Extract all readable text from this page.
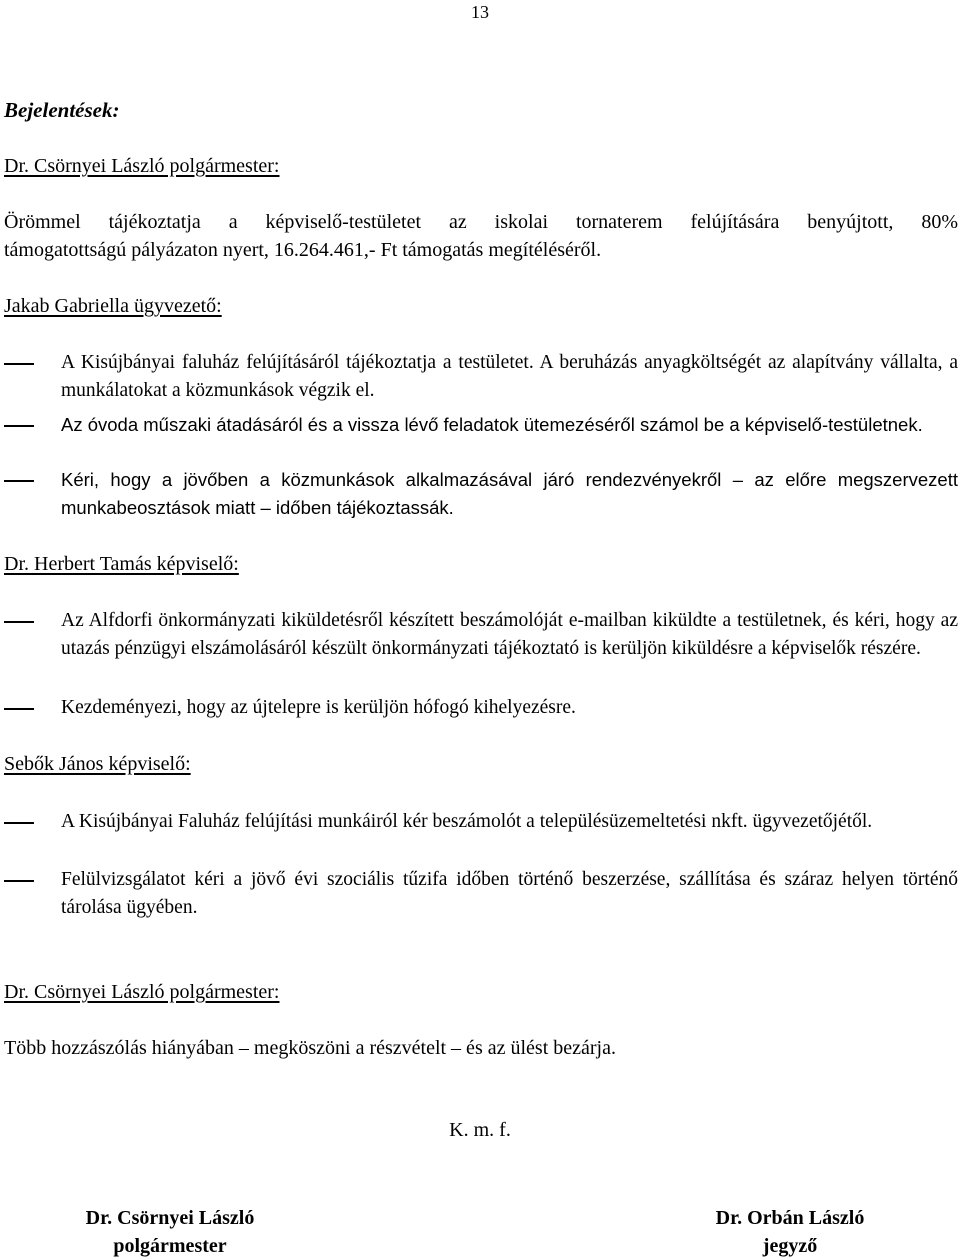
13
Bejelentések:
Dr. Csörnyei László polgármester:
Örömmel tájékoztatja a képviselő-testületet az iskolai tornaterem felújítására benyújtott, 80%
támogatottságú pályázaton nyert, 16.264.461,- Ft támogatás megítéléséről.
Jakab Gabriella ügyvezető:
A Kisújbányai faluház felújításáról tájékoztatja a testületet. A beruházás anyagköltségét az alapítvány vállalta, a munkálatokat a közmunkások végzik el.
Az óvoda műszaki átadásáról és a vissza lévő feladatok ütemezéséről számol be a képviselő-testületnek.
Kéri, hogy a jövőben a közmunkások alkalmazásával járó rendezvényekről – az előre megszervezett munkabeosztások miatt – időben tájékoztassák.
Dr. Herbert Tamás képviselő:
Az Alfdorfi önkormányzati kiküldetésről készített beszámolóját e-mailban kiküldte a testületnek, és kéri, hogy az utazás pénzügyi elszámolásáról készült önkormányzati tájékoztató is kerüljön kiküldésre a képviselők részére.
Kezdeményezi, hogy az újtelepre is kerüljön hófogó kihelyezésre.
Sebők János képviselő:
A Kisújbányai Faluház felújítási munkáiról kér beszámolót a településüzemeltetési nkft. ügyvezetőjétől.
Felülvizsgálatot kéri a jövő évi szociális tűzifa időben történő beszerzése, szállítása és száraz helyen történő tárolása ügyében.
Dr. Csörnyei László polgármester:
Több hozzászólás hiányában – megköszöni a részvételt – és az ülést bezárja.
K. m. f.
Dr. Csörnyei László
polgármester
Dr. Orbán László
jegyző
